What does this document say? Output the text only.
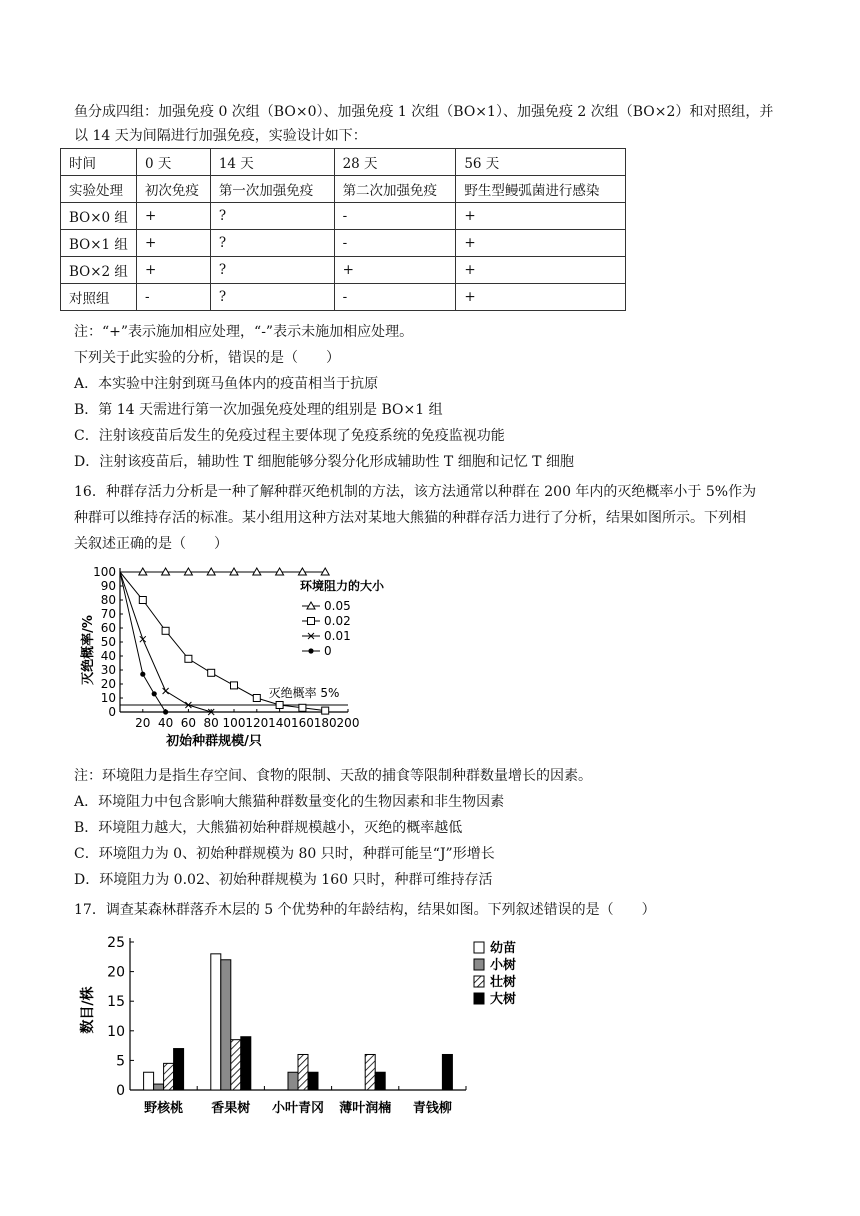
鱼分成四组：加强免疫 0 次组（BO×0）、加强免疫 1 次组（BO×1）、加强免疫 2 次组（BO×2）和对照组，并
以 14 天为间隔进行加强免疫，实验设计如下：
时间	0 天	14 天	28 天	56 天
实验处理	初次免疫	第一次加强免疫	第二次加强免疫	野生型鳗弧菌进行感染
BO×0 组	+	?	-	+
BO×1 组	+	?	-	+
BO×2 组	+	?	+	+
对照组	-	?	-	+
注：“+”表示施加相应处理，“-”表示未施加相应处理。
下列关于此实验的分析，错误的是（　　）
A．本实验中注射到斑马鱼体内的疫苗相当于抗原
B．第 14 天需进行第一次加强免疫处理的组别是 BO×1 组
C．注射该疫苗后发生的免疫过程主要体现了免疫系统的免疫监视功能
D．注射该疫苗后，辅助性 T 细胞能够分裂分化形成辅助性 T 细胞和记忆 T 细胞
16．种群存活力分析是一种了解种群灭绝机制的方法，该方法通常以种群在 200 年内的灭绝概率小于 5%作为
种群可以维持存活的标准。某小组用这种方法对某地大熊猫的种群存活力进行了分析，结果如图所示。下列相
关叙述正确的是（　　）
0
10
20
30
40
50
60
70
80
90
100
20 40 60 80 100 120 140 160 180 200
初始种群规模/只
灭绝概率/%
灭绝概率 5%
环境阻力的大小
0.05
0.02
0.01
0
注：环境阻力是指生存空间、食物的限制、天敌的捕食等限制种群数量增长的因素。
A．环境阻力中包含影响大熊猫种群数量变化的生物因素和非生物因素
B．环境阻力越大，大熊猫初始种群规模越小，灭绝的概率越低
C．环境阻力为 0、初始种群规模为 80 只时，种群可能呈“J”形增长
D．环境阻力为 0.02、初始种群规模为 160 只时，种群可维持存活
17．调查某森林群落乔木层的 5 个优势种的年龄结构，结果如图。下列叙述错误的是（　　）
0
5
10
15
20
25
数目/株
野核桃 香果树 小叶青冈 薄叶润楠 青钱柳
幼苗
小树
壮树
大树
